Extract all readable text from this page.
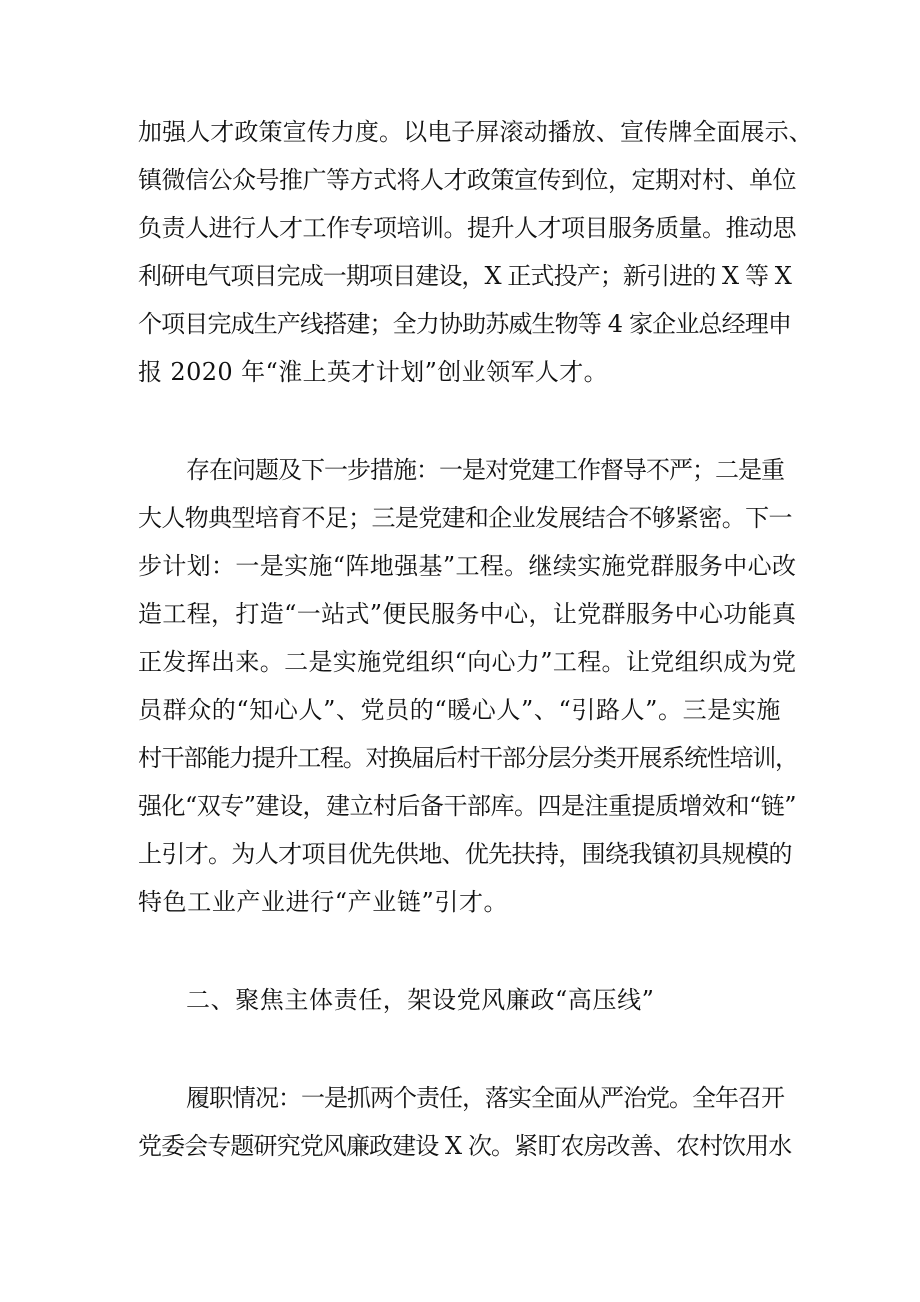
加强人才政策宣传力度。以电子屏滚动播放、宣传牌全面展示、
镇微信公众号推广等方式将人才政策宣传到位，定期对村、单位
负责人进行人才工作专项培训。提升人才项目服务质量。推动思
利研电气项目完成一期项目建设，X 正式投产；新引进的 X 等 X
个项目完成生产线搭建；全力协助苏威生物等 4 家企业总经理申
报 2020 年“淮上英才计划”创业领军人才。
存在问题及下一步措施：一是对党建工作督导不严；二是重
大人物典型培育不足；三是党建和企业发展结合不够紧密。下一
步计划：一是实施“阵地强基”工程。继续实施党群服务中心改
造工程，打造“一站式”便民服务中心，让党群服务中心功能真
正发挥出来。二是实施党组织“向心力”工程。让党组织成为党
员群众的“知心人”、党员的“暖心人”、“引路人”。三是实施
村干部能力提升工程。对换届后村干部分层分类开展系统性培训，
强化“双专”建设，建立村后备干部库。四是注重提质增效和“链”
上引才。为人才项目优先供地、优先扶持，围绕我镇初具规模的
特色工业产业进行“产业链”引才。
二、聚焦主体责任，架设党风廉政“高压线”
履职情况：一是抓两个责任，落实全面从严治党。全年召开
党委会专题研究党风廉政建设 X 次。紧盯农房改善、农村饮用水
